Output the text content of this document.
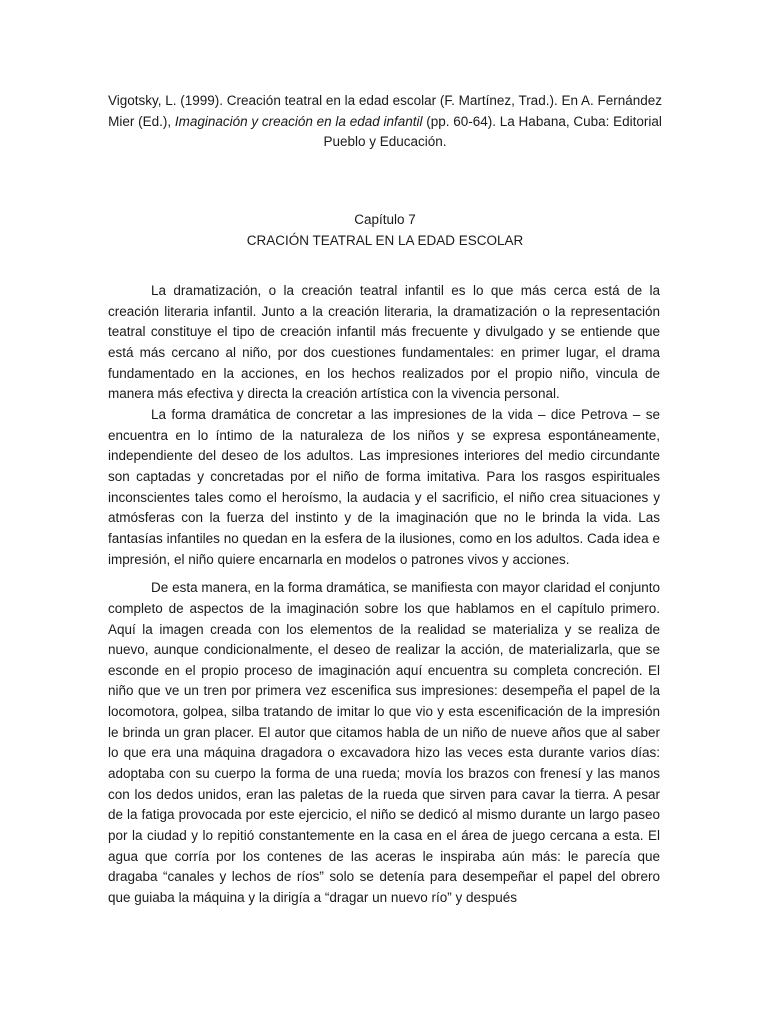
Vigotsky, L. (1999). Creación teatral en la edad escolar (F. Martínez, Trad.). En A. Fernández Mier (Ed.), Imaginación y creación en la edad infantil (pp. 60-64). La Habana, Cuba: Editorial Pueblo y Educación.

Capítulo 7
CRACIÓN TEATRAL EN LA EDAD ESCOLAR

La dramatización, o la creación teatral infantil es lo que más cerca está de la creación literaria infantil. Junto a la creación literaria, la dramatización o la representación teatral constituye el tipo de creación infantil más frecuente y divulgado y se entiende que está más cercano al niño, por dos cuestiones fundamentales: en primer lugar, el drama fundamentado en la acciones, en los hechos realizados por el propio niño, vincula de manera más efectiva y directa la creación artística con la vivencia personal.

La forma dramática de concretar a las impresiones de la vida – dice Petrova – se encuentra en lo íntimo de la naturaleza de los niños y se expresa espontáneamente, independiente del deseo de los adultos. Las impresiones interiores del medio circundante son captadas y concretadas por el niño de forma imitativa. Para los rasgos espirituales inconscientes tales como el heroísmo, la audacia y el sacrificio, el niño crea situaciones y atmósferas con la fuerza del instinto y de la imaginación que no le brinda la vida. Las fantasías infantiles no quedan en la esfera de la ilusiones, como en los adultos. Cada idea e impresión, el niño quiere encarnarla en modelos o patrones vivos y acciones.

De esta manera, en la forma dramática, se manifiesta con mayor claridad el conjunto completo de aspectos de la imaginación sobre los que hablamos en el capítulo primero. Aquí la imagen creada con los elementos de la realidad se materializa y se realiza de nuevo, aunque condicionalmente, el deseo de realizar la acción, de materializarla, que se esconde en el propio proceso de imaginación aquí encuentra su completa concreción. El niño que ve un tren por primera vez escenifica sus impresiones: desempeña el papel de la locomotora, golpea, silba tratando de imitar lo que vio y esta escenificación de la impresión le brinda un gran placer. El autor que citamos habla de un niño de nueve años que al saber lo que era una máquina dragadora o excavadora hizo las veces esta durante varios días: adoptaba con su cuerpo la forma de una rueda; movía los brazos con frenesí y las manos con los dedos unidos, eran las paletas de la rueda que sirven para cavar la tierra. A pesar de la fatiga provocada por este ejercicio, el niño se dedicó al mismo durante un largo paseo por la ciudad y lo repitió constantemente en la casa en el área de juego cercana a esta. El agua que corría por los contenes de las aceras le inspiraba aún más: le parecía que dragaba “canales y lechos de ríos” solo se detenía para desempeñar el papel del obrero que guiaba la máquina y la dirigía a “dragar un nuevo río” y después
